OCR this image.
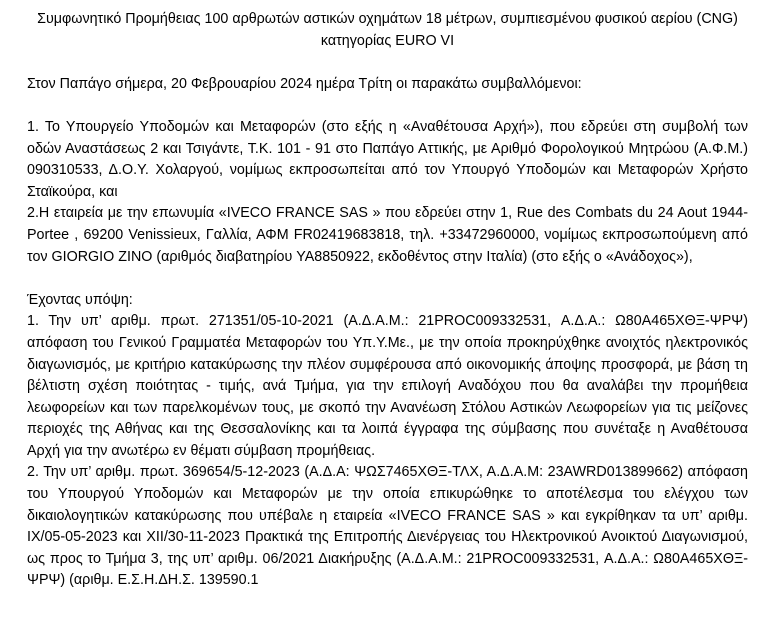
Συμφωνητικό Προμήθειας 100 αρθρωτών αστικών οχημάτων 18 μέτρων, συμπιεσμένου φυσικού αερίου (CNG) κατηγορίας EURO VI

Στον Παπάγο σήμερα, 20 Φεβρουαρίου 2024 ημέρα Τρίτη οι παρακάτω συμβαλλόμενοι:

1. Το Υπουργείο Υποδομών και Μεταφορών (στο εξής η «Αναθέτουσα Αρχή»), που εδρεύει στη συμβολή των οδών Αναστάσεως 2 και Τσιγάντε, Τ.Κ. 101 - 91 στο Παπάγο Αττικής, με Αριθμό Φορολογικού Μητρώου (Α.Φ.Μ.) 090310533, Δ.Ο.Υ. Χολαργού, νομίμως εκπροσωπείται από τον Υπουργό Υποδομών και Μεταφορών Χρήστο Σταϊκούρα, και

2.Η εταιρεία με την επωνυμία «IVECO FRANCE SAS » που εδρεύει στην 1, Rue des Combats du 24 Aout 1944- Portee , 69200 Venissieux, Γαλλία, ΑΦΜ FR02419683818, τηλ. +33472960000, νομίμως εκπροσωπούμενη από τον GIORGIO ZINO (αριθμός διαβατηρίου YA8850922, εκδοθέντος στην Ιταλία) (στο εξής ο «Ανάδοχος»),

Έχοντας υπόψη:

1. Την υπ’ αριθμ. πρωτ. 271351/05-10-2021 (Α.Δ.Α.Μ.: 21PROC009332531, Α.Δ.Α.: Ω80Α465ΧΘΞ-ΨΡΨ) απόφαση του Γενικού Γραμματέα Μεταφορών του Υπ.Υ.Με., με την οποία προκηρύχθηκε ανοιχτός ηλεκτρονικός διαγωνισμός, με κριτήριο κατακύρωσης την πλέον συμφέρουσα από οικονομικής άποψης προσφορά, με βάση τη βέλτιστη σχέση ποιότητας - τιμής, ανά Τμήμα, για την επιλογή Αναδόχου που θα αναλάβει την προμήθεια λεωφορείων και των παρελκομένων τους, με σκοπό την Ανανέωση Στόλου Αστικών Λεωφορείων για τις μείζονες περιοχές της Αθήνας και της Θεσσαλονίκης και τα λοιπά έγγραφα της σύμβασης που συνέταξε η Αναθέτουσα Αρχή για την ανωτέρω εν θέματι σύμβαση προμήθειας.

2. Την υπ’ αριθμ. πρωτ. 369654/5-12-2023 (Α.Δ.Α: ΨΩΣ7465ΧΘΞ-ΤΛΧ, Α.Δ.Α.Μ: 23AWRD013899662) απόφαση του Υπουργού Υποδομών και Μεταφορών με την οποία επικυρώθηκε το αποτέλεσμα του ελέγχου των δικαιολογητικών κατακύρωσης που υπέβαλε η εταιρεία «IVECO FRANCE SAS » και εγκρίθηκαν τα υπ’ αριθμ. ΙΧ/05-05-2023 και ΧΙΙ/30-11-2023 Πρακτικά της Επιτροπής Διενέργειας του Ηλεκτρονικού Ανοικτού Διαγωνισμού, ως προς το Τμήμα 3, της υπ’ αριθμ. 06/2021 Διακήρυξης (Α.Δ.Α.Μ.: 21PROC009332531, Α.Δ.Α.: Ω80Α465ΧΘΞ-ΨΡΨ) (αριθμ. Ε.Σ.Η.ΔΗ.Σ. 139590.1
